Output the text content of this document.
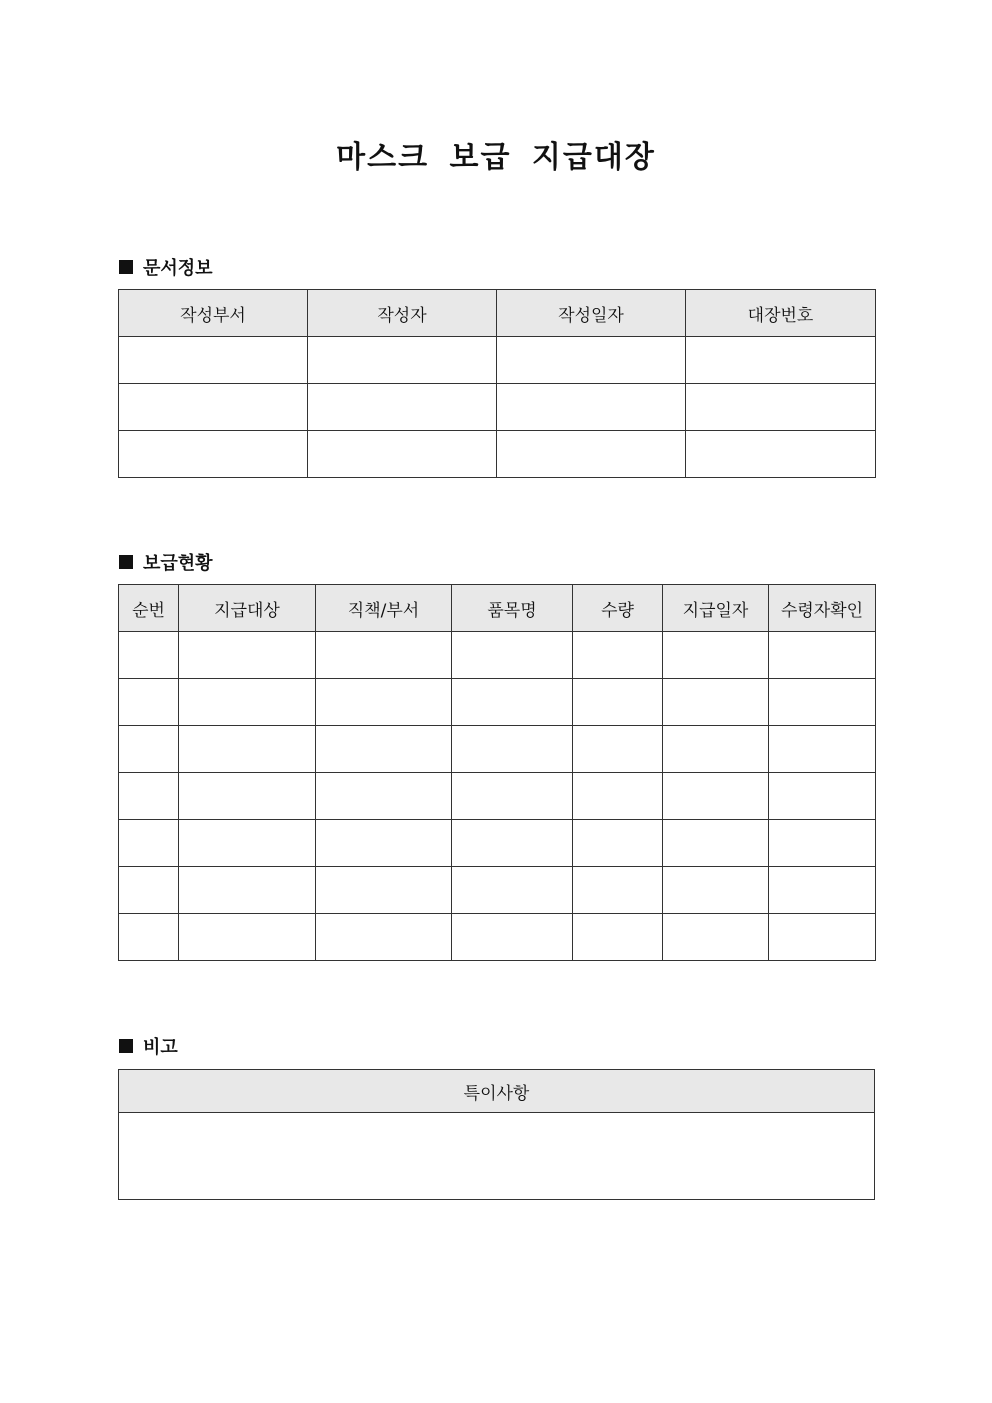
마스크 보급 지급대장
문서정보
작성부서	작성자	작성일자	대장번호

보급현황
순번	지급대상	직책/부서	품목명	수량	지급일자	수령자확인

비고
특이사항
